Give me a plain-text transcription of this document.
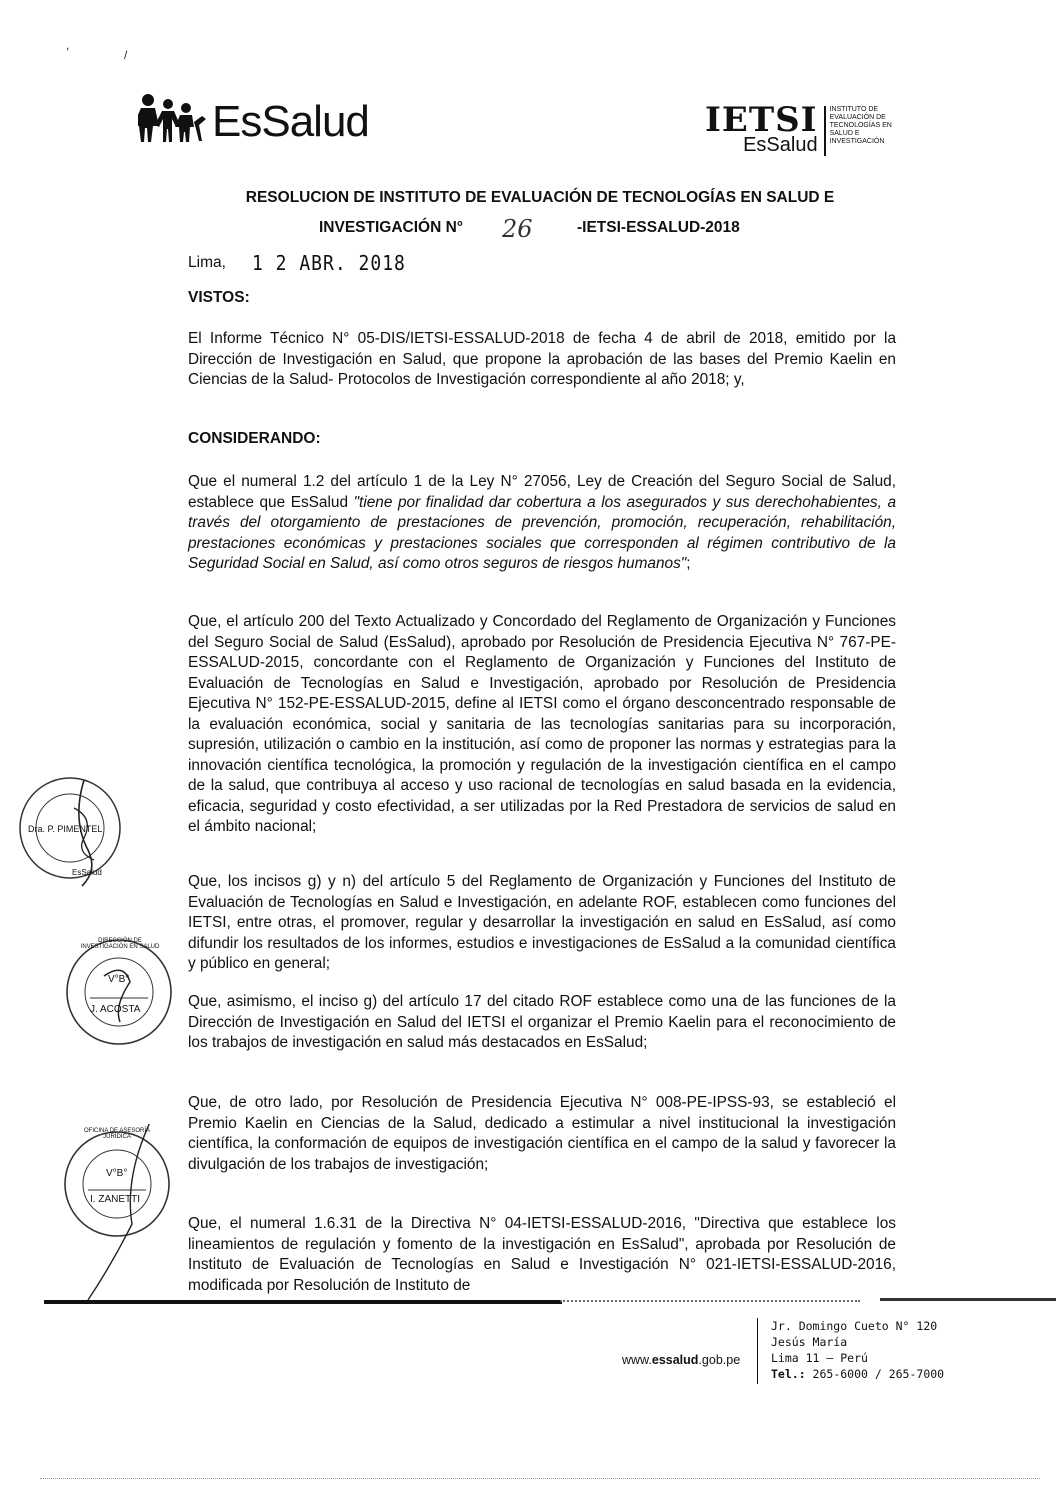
,
/
EsSalud	IETSI
EsSalud
INSTITUTO DE
EVALUACIÓN DE
TECNOLOGÍAS EN
SALUD E
INVESTIGACIÓN
RESOLUCION DE INSTITUTO DE EVALUACIÓN DE TECNOLOGÍAS EN SALUD E
INVESTIGACIÓN N° 26	-IETSI-ESSALUD-2018
Lima, 1 2 ABR. 2018
VISTOS:

El Informe Técnico N° 05-DIS/IETSI-ESSALUD-2018 de fecha 4 de abril de 2018, emitido por la Dirección de Investigación en Salud, que propone la aprobación de las bases del Premio Kaelin en Ciencias de la Salud- Protocolos de Investigación correspondiente al año 2018; y,

CONSIDERANDO:

Que el numeral 1.2 del artículo 1 de la Ley N° 27056, Ley de Creación del Seguro Social de Salud, establece que EsSalud "tiene por finalidad dar cobertura a los asegurados y sus derechohabientes, a través del otorgamiento de prestaciones de prevención, promoción, recuperación, rehabilitación, prestaciones económicas y prestaciones sociales que corresponden al régimen contributivo de la Seguridad Social en Salud, así como otros seguros de riesgos humanos";

Que, el artículo 200 del Texto Actualizado y Concordado del Reglamento de Organización y Funciones del Seguro Social de Salud (EsSalud), aprobado por Resolución de Presidencia Ejecutiva N° 767-PE-ESSALUD-2015, concordante con el Reglamento de Organización y Funciones del Instituto de Evaluación de Tecnologías en Salud e Investigación, aprobado por Resolución de Presidencia Ejecutiva N° 152-PE-ESSALUD-2015, define al IETSI como el órgano desconcentrado responsable de la evaluación económica, social y sanitaria de las tecnologías sanitarias para su incorporación, supresión, utilización o cambio en la institución, así como de proponer las normas y estrategias para la innovación científica tecnológica, la promoción y regulación de la investigación científica en el campo de la salud, que contribuya al acceso y uso racional de tecnologías en salud basada en la evidencia, eficacia, seguridad y costo efectividad, a ser utilizadas por la Red Prestadora de servicios de salud en el ámbito nacional;

Que, los incisos g) y n) del artículo 5 del Reglamento de Organización y Funciones del Instituto de Evaluación de Tecnologías en Salud e Investigación, en adelante ROF, establecen como funciones del IETSI, entre otras, el promover, regular y desarrollar la investigación en salud en EsSalud, así como difundir los resultados de los informes, estudios e investigaciones de EsSalud a la comunidad científica y público en general;

Que, asimismo, el inciso g) del artículo 17 del citado ROF establece como una de las funciones de la Dirección de Investigación en Salud del IETSI el organizar el Premio Kaelin para el reconocimiento de los trabajos de investigación en salud más destacados en EsSalud;

Que, de otro lado, por Resolución de Presidencia Ejecutiva N° 008-PE-IPSS-93, se estableció el Premio Kaelin en Ciencias de la Salud, dedicado a estimular a nivel institucional la investigación científica, la conformación de equipos de investigación científica en el campo de la salud y favorecer la divulgación de los trabajos de investigación;

Que, el numeral 1.6.31 de la Directiva N° 04-IETSI-ESSALUD-2016, "Directiva que establece los lineamientos de regulación y fomento de la investigación en EsSalud", aprobada por Resolución de Instituto de Evaluación de Tecnologías en Salud e Investigación N° 021-IETSI-ESSALUD-2016, modificada por Resolución de Instituto de

Dra. P. PIMENTEL
EsSalud
V°B°
J. ACOSTA
DIRECCIÓN DE INVESTIGACIÓN EN SALUD
V°B°
I. ZANETTI
OFICINA DE ASESORÍA JURÍDICA
www.essalud.gob.pe
Jr. Domingo Cueto N° 120
Jesús María
Lima 11 – Perú
Tel.: 265-6000 / 265-7000
